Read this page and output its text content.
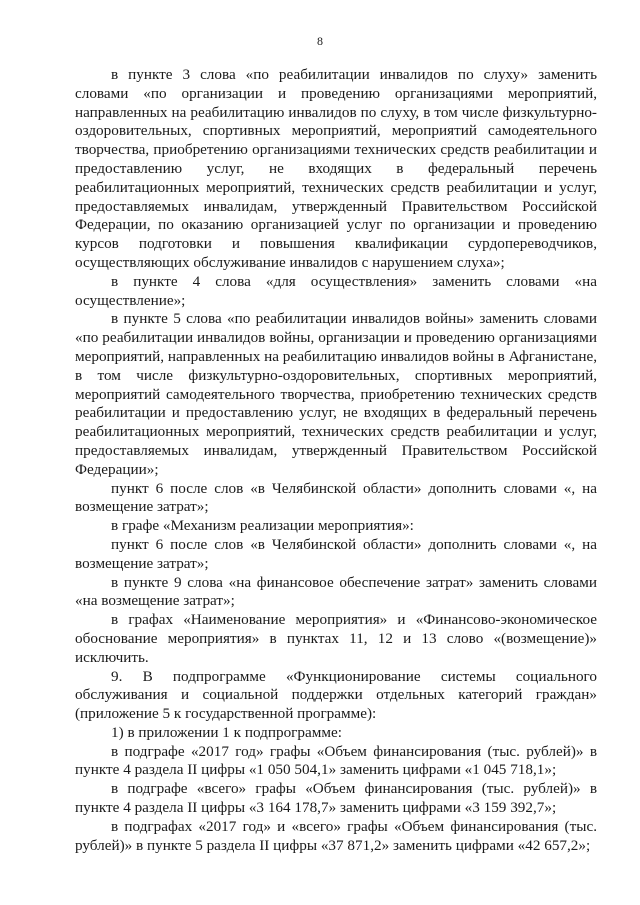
8

в пункте 3 слова «по реабилитации инвалидов по слуху» заменить словами «по организации и проведению организациями мероприятий, направленных на реабилитацию инвалидов по слуху, в том числе физкультурно-оздоровительных, спортивных мероприятий, мероприятий самодеятельного творчества, приобретению организациями технических средств реабилитации и предоставлению услуг, не входящих в федеральный перечень реабилитационных мероприятий, технических средств реабилитации и услуг, предоставляемых инвалидам, утвержденный Правительством Российской Федерации, по оказанию организацией услуг по организации и проведению курсов подготовки и повышения квалификации сурдопереводчиков, осуществляющих обслуживание инвалидов с нарушением слуха»;

в пункте 4 слова «для осуществления» заменить словами «на осуществление»;

в пункте 5 слова «по реабилитации инвалидов войны» заменить словами «по реабилитации инвалидов войны, организации и проведению организациями мероприятий, направленных на реабилитацию инвалидов войны в Афганистане, в том числе физкультурно-оздоровительных, спортивных мероприятий, мероприятий самодеятельного творчества, приобретению технических средств реабилитации и предоставлению услуг, не входящих в федеральный перечень реабилитационных мероприятий, технических средств реабилитации и услуг, предоставляемых инвалидам, утвержденный Правительством Российской Федерации»;

пункт 6 после слов «в Челябинской области» дополнить словами «, на возмещение затрат»;

в графе «Механизм реализации мероприятия»:

пункт 6 после слов «в Челябинской области» дополнить словами «, на возмещение затрат»;

в пункте 9 слова «на финансовое обеспечение затрат» заменить словами «на возмещение затрат»;

в графах «Наименование мероприятия» и «Финансово-экономическое обоснование мероприятия» в пунктах 11, 12 и 13 слово «(возмещение)» исключить.

9. В подпрограмме «Функционирование системы социального обслуживания и социальной поддержки отдельных категорий граждан» (приложение 5 к государственной программе):

1) в приложении 1 к подпрограмме:

в подграфе «2017 год» графы «Объем финансирования (тыс. рублей)» в пункте 4 раздела II цифры «1 050 504,1» заменить цифрами «1 045 718,1»;

в подграфе «всего» графы «Объем финансирования (тыс. рублей)» в пункте 4 раздела II цифры «3 164 178,7» заменить цифрами «3 159 392,7»;

в подграфах «2017 год» и «всего» графы «Объем финансирования (тыс. рублей)» в пункте 5 раздела II цифры «37 871,2» заменить цифрами «42 657,2»;
